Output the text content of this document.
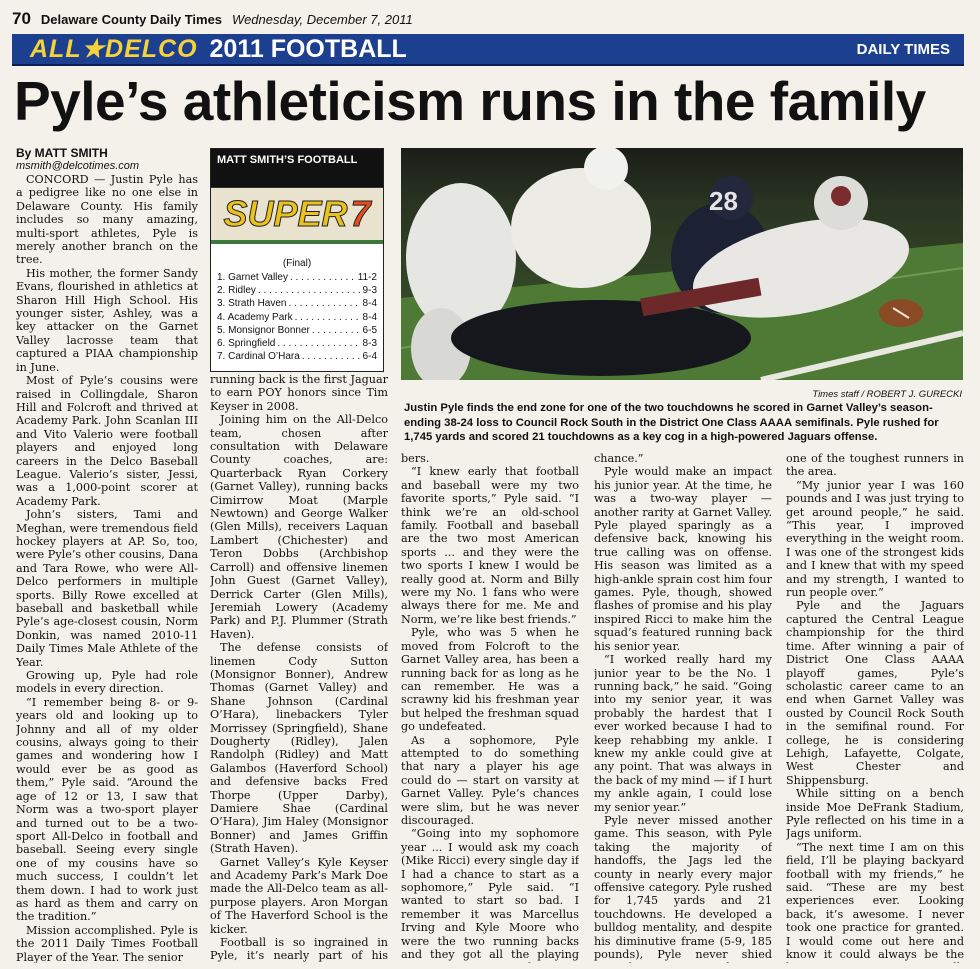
70 Delaware County Daily Times Wednesday, December 7, 2011
ALL★DELCO 2011 FOOTBALL	DAILY TIMES
Pyle’s athleticism runs in the family
By MATT SMITH
msmith@delcotimes.com

CONCORD — Justin Pyle has a pedigree like no one else in Delaware County. His family includes so many amazing, multi-sport athletes, Pyle is merely another branch on the tree.

His mother, the former Sandy Evans, flourished in athletics at Sharon Hill High School. His younger sister, Ashley, was a key attacker on the Garnet Valley lacrosse team that captured a PIAA championship in June.

Most of Pyle’s cousins were raised in Collingdale, Sharon Hill and Folcroft and thrived at Academy Park. John Scanlan III and Vito Valerio were football players and enjoyed long careers in the Delco Baseball League. Valerio’s sister, Jessi, was a 1,000-point scorer at Academy Park.

John’s sisters, Tami and Meghan, were tremendous field hockey players at AP. So, too, were Pyle’s other cousins, Dana and Tara Rowe, who were All-Delco performers in multiple sports. Billy Rowe excelled at baseball and basketball while Pyle’s age-closest cousin, Norm Donkin, was named 2010-11 Daily Times Male Athlete of the Year.

Growing up, Pyle had role models in every direction.

“I remember being 8- or 9-years old and looking up to Johnny and all of my older cousins, always going to their games and wondering how I would ever be as good as them,” Pyle said. “Around the age of 12 or 13, I saw that Norm was a two-sport player and turned out to be a two-sport All-Delco in football and baseball. Seeing every single one of my cousins have so much success, I couldn’t let them down. I had to work just as hard as them and carry on the tradition.”

Mission accomplished. Pyle is the 2011 Daily Times Football Player of the Year. The senior

running back is the first Jaguar to earn POY honors since Tim Keyser in 2008.

Joining him on the All-Delco team, chosen after consultation with Delaware County coaches, are: Quarterback Ryan Corkery (Garnet Valley), running backs Cimirrow Moat (Marple Newtown) and George Walker (Glen Mills), receivers Laquan Lambert (Chichester) and Teron Dobbs (Archbishop Carroll) and offensive linemen John Guest (Garnet Valley), Derrick Carter (Glen Mills), Jeremiah Lowery (Academy Park) and P.J. Plummer (Strath Haven).

The defense consists of linemen Cody Sutton (Monsignor Bonner), Andrew Thomas (Garnet Valley) and Shane Johnson (Cardinal O’Hara), linebackers Tyler Morrissey (Springfield), Shane Dougherty (Ridley), Jalen Randolph (Ridley) and Matt Galambos (Haverford School) and defensive backs Fred Thorpe (Upper Darby), Damiere Shae (Cardinal O’Hara), Jim Haley (Monsignor Bonner) and James Griffin (Strath Haven).

Garnet Valley’s Kyle Keyser and Academy Park’s Mark Doe made the All-Delco team as all-purpose players. Aron Morgan of The Haverford School is the kicker.

Football is so ingrained in Pyle, it’s nearly part of his

bers.

“I knew early that football and baseball were my two favorite sports,” Pyle said. “I think we’re an old-school family. Football and baseball are the two most American sports ... and they were the two sports I knew I would be really good at. Norm and Billy were my No. 1 fans who were always there for me. Me and Norm, we’re like best friends.”

Pyle, who was 5 when he moved from Folcroft to the Garnet Valley area, has been a running back for as long as he can remember. He was a scrawny kid his freshman year but helped the freshman squad go undefeated.

As a sophomore, Pyle attempted to do something that nary a player his age could do — start on varsity at Garnet Valley. Pyle’s chances were slim, but he was never discouraged.

“Going into my sophomore year ... I would ask my coach (Mike Ricci) every single day if I had a chance to start as a sophomore,” Pyle said. “I wanted to start so bad. I remember it was Marcellus Irving and Kyle Moore who were the two running backs and they got all the playing

chance.”

Pyle would make an impact his junior year. At the time, he was a two-way player — another rarity at Garnet Valley. Pyle played sparingly as a defensive back, knowing his true calling was on offense. His season was limited as a high-ankle sprain cost him four games. Pyle, though, showed flashes of promise and his play inspired Ricci to make him the squad’s featured running back his senior year.

“I worked really hard my junior year to be the No. 1 running back,” he said. “Going into my senior year, it was probably the hardest that I ever worked because I had to keep rehabbing my ankle. I knew my ankle could give at any point. That was always in the back of my mind — if I hurt my ankle again, I could lose my senior year.”

Pyle never missed another game. This season, with Pyle taking the majority of handoffs, the Jags led the county in nearly every major offensive category. Pyle rushed for 1,745 yards and 21 touchdowns. He developed a bulldog mentality, and despite his diminutive frame (5-9, 185 pounds), Pyle never shied

one of the toughest runners in the area.

“My junior year I was 160 pounds and I was just trying to get around people,” he said. “This year, I improved everything in the weight room. I was one of the strongest kids and I knew that with my speed and my strength, I wanted to run people over.”

Pyle and the Jaguars captured the Central League championship for the third time. After winning a pair of District One Class AAAA playoff games, Pyle’s scholastic career came to an end when Garnet Valley was ousted by Council Rock South in the semifinal round. For college, he is considering Lehigh, Lafayette, Colgate, West Chester and Shippensburg.

While sitting on a bench inside Moe DeFrank Stadium, Pyle reflected on his time in a Jags uniform.

“The next time I am on this field, I’ll be playing backyard football with my friends,” he said. “These are my best experiences ever. Looking back, it’s awesome. I never took one practice for granted. I would come out here and know it could always be the

MATT SMITH’S FOOTBALL
SUPER 7
(Final)
1. Garnet Valley . . .	11-2
2. Ridley . . .	9-3
3. Strath Haven . . .	8-4
4. Academy Park . . .	8-4
5. Monsignor Bonner . . .	6-5
6. Springfield . . .	8-3
7. Cardinal O’Hara . . .	6-4
28
Times staff / ROBERT J. GURECKI
Justin Pyle finds the end zone for one of the two touchdowns he scored in Garnet Valley’s season-ending 38-24 loss to Council Rock South in the District One Class AAAA semifinals. Pyle rushed for 1,745 yards and scored 21 touchdowns as a key cog in a high-powered Jaguars offense.
